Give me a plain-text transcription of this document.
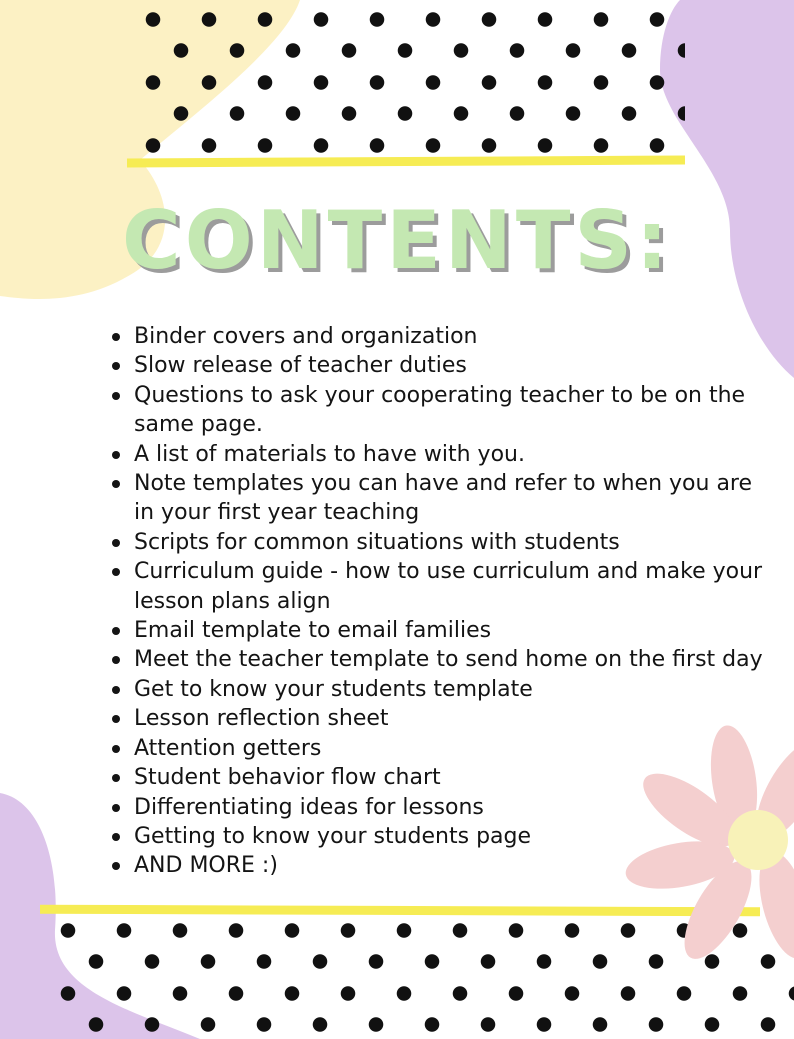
CONTENTS:
Binder covers and organization
Slow release of teacher duties
Questions to ask your cooperating teacher to be on the same page.
A list of materials to have with you.
Note templates you can have and refer to when you are in your first year teaching
Scripts for common situations with students
Curriculum guide - how to use curriculum and make your lesson plans align
Email template to email families
Meet the teacher template to send home on the first day
Get to know your students template
Lesson reflection sheet
Attention getters
Student behavior flow chart
Differentiating ideas for lessons
Getting to know your students page
AND MORE :)
